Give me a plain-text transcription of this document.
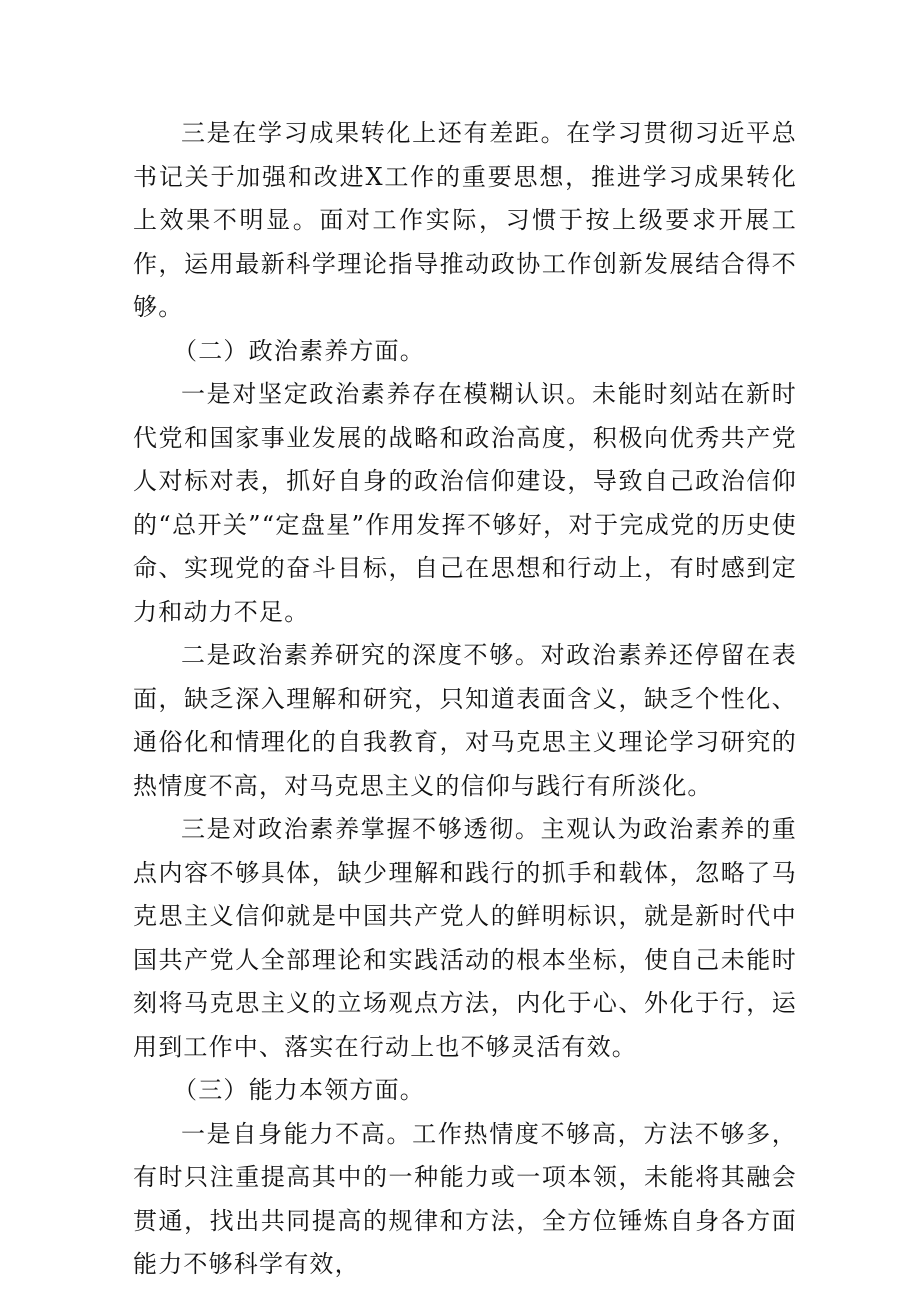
三是在学习成果转化上还有差距。在学习贯彻习近平总书记关于加强和改进X工作的重要思想，推进学习成果转化上效果不明显。面对工作实际，习惯于按上级要求开展工作，运用最新科学理论指导推动政协工作创新发展结合得不够。

（二）政治素养方面。

一是对坚定政治素养存在模糊认识。未能时刻站在新时代党和国家事业发展的战略和政治高度，积极向优秀共产党人对标对表，抓好自身的政治信仰建设，导致自己政治信仰的“总开关”“定盘星”作用发挥不够好，对于完成党的历史使命、实现党的奋斗目标，自己在思想和行动上，有时感到定力和动力不足。

二是政治素养研究的深度不够。对政治素养还停留在表面，缺乏深入理解和研究，只知道表面含义，缺乏个性化、通俗化和情理化的自我教育，对马克思主义理论学习研究的热情度不高，对马克思主义的信仰与践行有所淡化。

三是对政治素养掌握不够透彻。主观认为政治素养的重点内容不够具体，缺少理解和践行的抓手和载体，忽略了马克思主义信仰就是中国共产党人的鲜明标识，就是新时代中国共产党人全部理论和实践活动的根本坐标，使自己未能时刻将马克思主义的立场观点方法，内化于心、外化于行，运用到工作中、落实在行动上也不够灵活有效。

（三）能力本领方面。

一是自身能力不高。工作热情度不够高，方法不够多，有时只注重提高其中的一种能力或一项本领，未能将其融会贯通，找出共同提高的规律和方法，全方位锤炼自身各方面能力不够科学有效，
